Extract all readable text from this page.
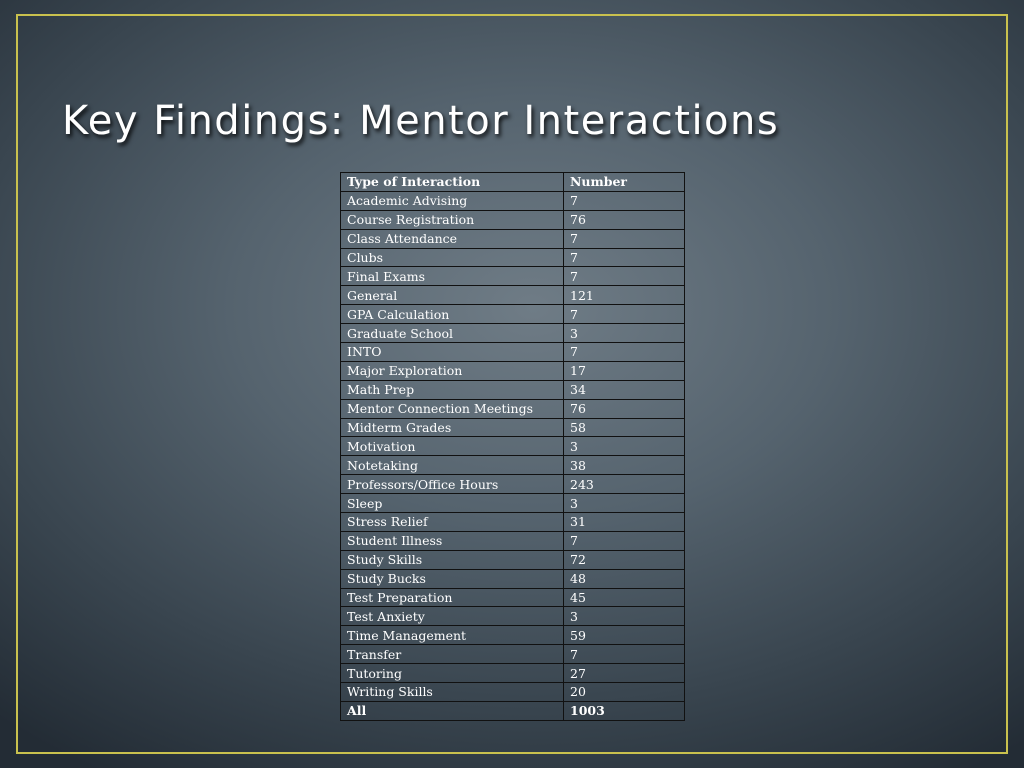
Key Findings: Mentor Interactions
Type of Interaction	Number
Academic Advising	7
Course Registration	76
Class Attendance	7
Clubs	7
Final Exams	7
General	121
GPA Calculation	7
Graduate School	3
INTO	7
Major Exploration	17
Math Prep	34
Mentor Connection Meetings	76
Midterm Grades	58
Motivation	3
Notetaking	38
Professors/Office Hours	243
Sleep	3
Stress Relief	31
Student Illness	7
Study Skills	72
Study Bucks	48
Test Preparation	45
Test Anxiety	3
Time Management	59
Transfer	7
Tutoring	27
Writing Skills	20
All	1003
